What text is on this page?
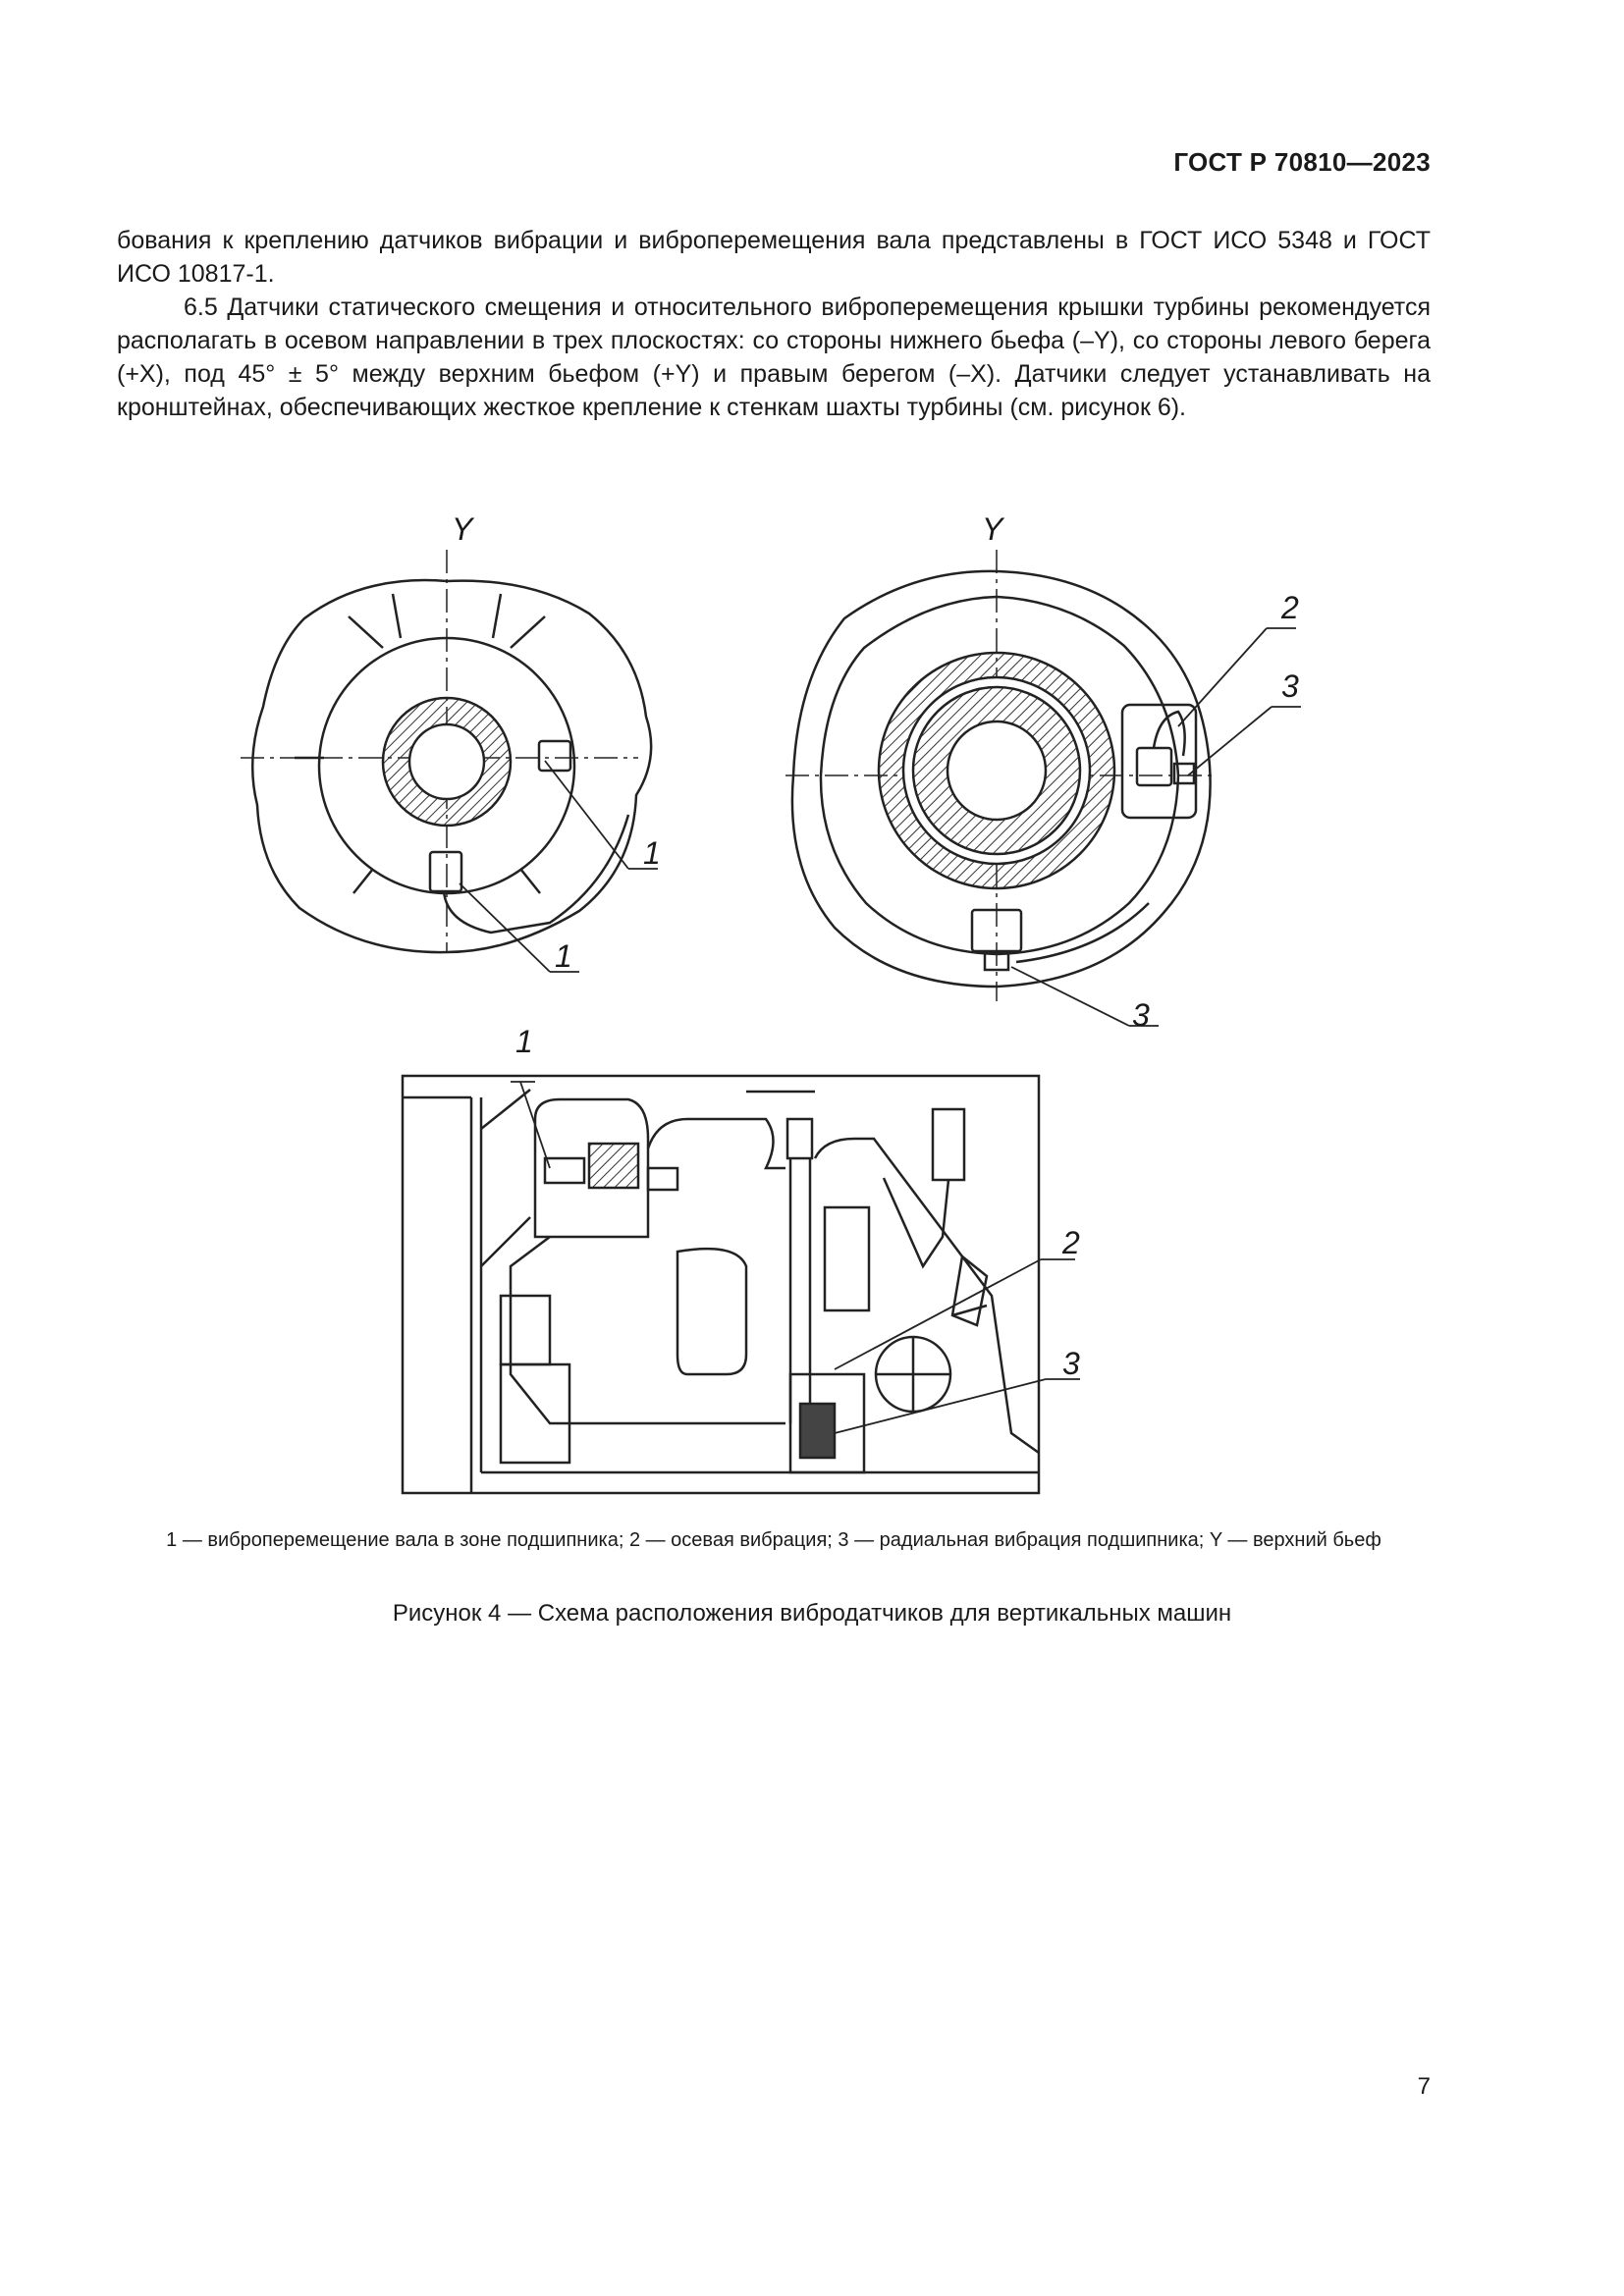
ГОСТ Р 70810—2023

бования к креплению датчиков вибрации и виброперемещения вала представлены в ГОСТ ИСО 5348 и ГОСТ ИСО 10817-1.

6.5 Датчики статического смещения и относительного виброперемещения крышки турбины рекомендуется располагать в осевом направлении в трех плоскостях: со стороны нижнего бьефа (–Y), со стороны левого берега (+X), под 45° ± 5° между верхним бьефом (+Y) и правым берегом (–X). Датчики следует устанавливать на кронштейнах, обеспечивающих жесткое крепление к стенкам шахты турбины (см. рисунок 6).

Y
1
1
Y
2
3
3
1
2
3

1 — виброперемещение вала в зоне подшипника; 2 — осевая вибрация; 3 — радиальная вибрация подшипника; Y — верхний бьеф

Рисунок 4 — Схема расположения вибродатчиков для вертикальных машин
7
